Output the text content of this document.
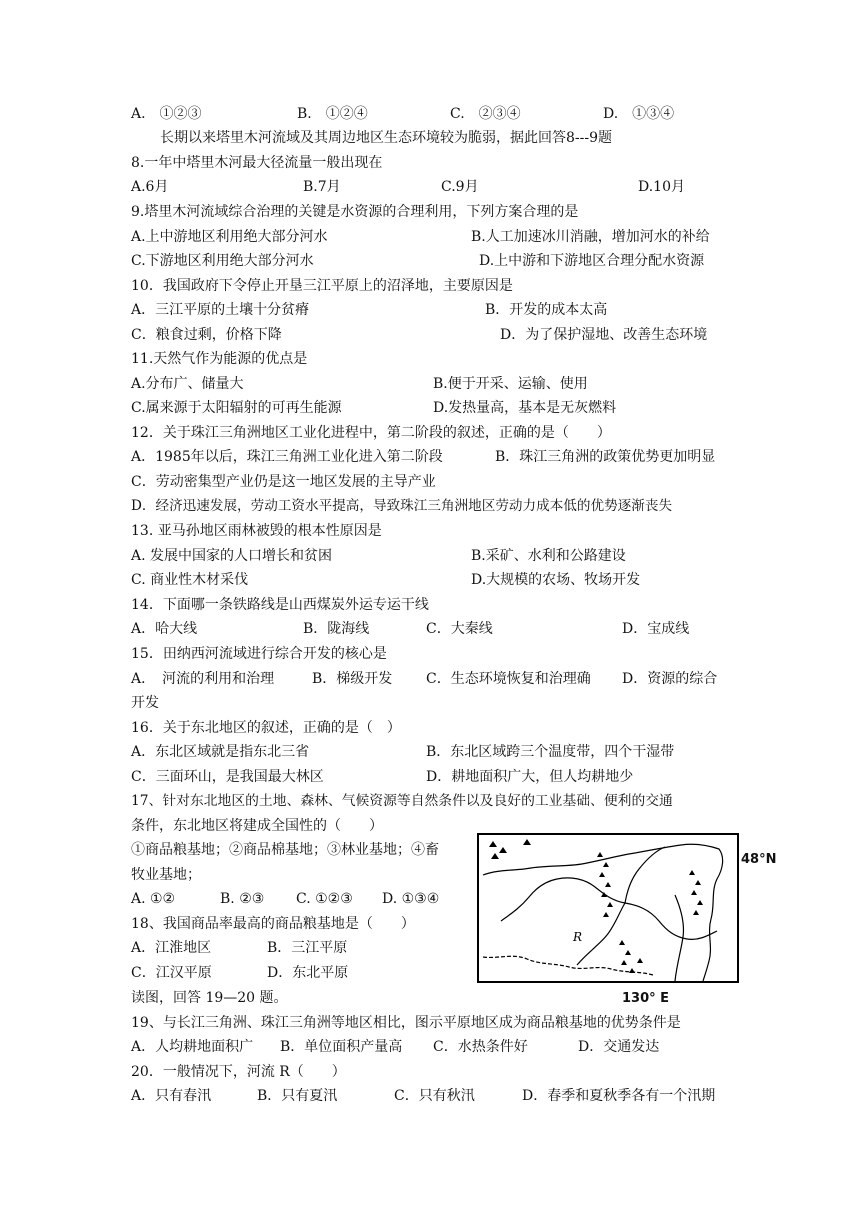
A.　①②③	B.　①②④	C.　②③④	D.　①③④
长期以来塔里木河流域及其周边地区生态环境较为脆弱，据此回答8---9题
8.一年中塔里木河最大径流量一般出现在
A.6月	B.7月	C.9月	D.10月
9.塔里木河流域综合治理的关键是水资源的合理利用，下列方案合理的是
A.上中游地区利用绝大部分河水	B.人工加速冰川消融，增加河水的补给
C.下游地区利用绝大部分河水	D.上中游和下游地区合理分配水资源
10．我国政府下令停止开垦三江平原上的沼泽地，主要原因是
A．三江平原的土壤十分贫瘠	B．开发的成本太高
C．粮食过剩，价格下降	D．为了保护湿地、改善生态环境
11.天然气作为能源的优点是
A.分布广、储量大	B.便于开采、运输、使用
C.属来源于太阳辐射的可再生能源	D.发热量高，基本是无灰燃料
12．关于珠江三角洲地区工业化进程中，第二阶段的叙述，正确的是（　　）
A．1985年以后，珠江三角洲工业化进入第二阶段	B．珠江三角洲的政策优势更加明显
C．劳动密集型产业仍是这一地区发展的主导产业
D．经济迅速发展，劳动工资水平提高，导致珠江三角洲地区劳动力成本低的优势逐渐丧失
13. 亚马孙地区雨林被毁的根本性原因是
A. 发展中国家的人口增长和贫困	B.采矿、水利和公路建设
C. 商业性木材采伐	D.大规模的农场、牧场开发
14．下面哪一条铁路线是山西煤炭外运专运干线
A．哈大线	B．陇海线	C．大秦线	D．宝成线
15．田纳西河流域进行综合开发的核心是
A．　河流的利用和治理	B．梯级开发 C．生态环境恢复和治理确 D．资源的综合
开发
16．关于东北地区的叙述，正确的是（　）
A．东北区域就是指东北三省	B．东北区域跨三个温度带，四个干湿带
C．三面环山，是我国最大林区	D．耕地面积广大，但人均耕地少
17、针对东北地区的土地、森林、气候资源等自然条件以及良好的工业基础、便利的交通
条件，东北地区将建成全国性的（　　）
①商品粮基地；②商品棉基地；③林业基地；④畜
牧业基地；
A. ①②	B. ②③ C. ①②③ D. ①③④
18、我国商品率最高的商品粮基地是（　　）
A．江淮地区	B．三江平原
C．江汉平原	D．东北平原
R
48°N
130° E
读图，回答 19—20 题。
19、与长江三角洲、珠江三角洲等地区相比，图示平原地区成为商品粮基地的优势条件是
A．人均耕地面积广 B．单位面积产量高 C．水热条件好	D．交通发达
20．一般情况下，河流 R（　　）
A．只有春汛	B．只有夏汛	C．只有秋汛	D．春季和夏秋季各有一个汛期
